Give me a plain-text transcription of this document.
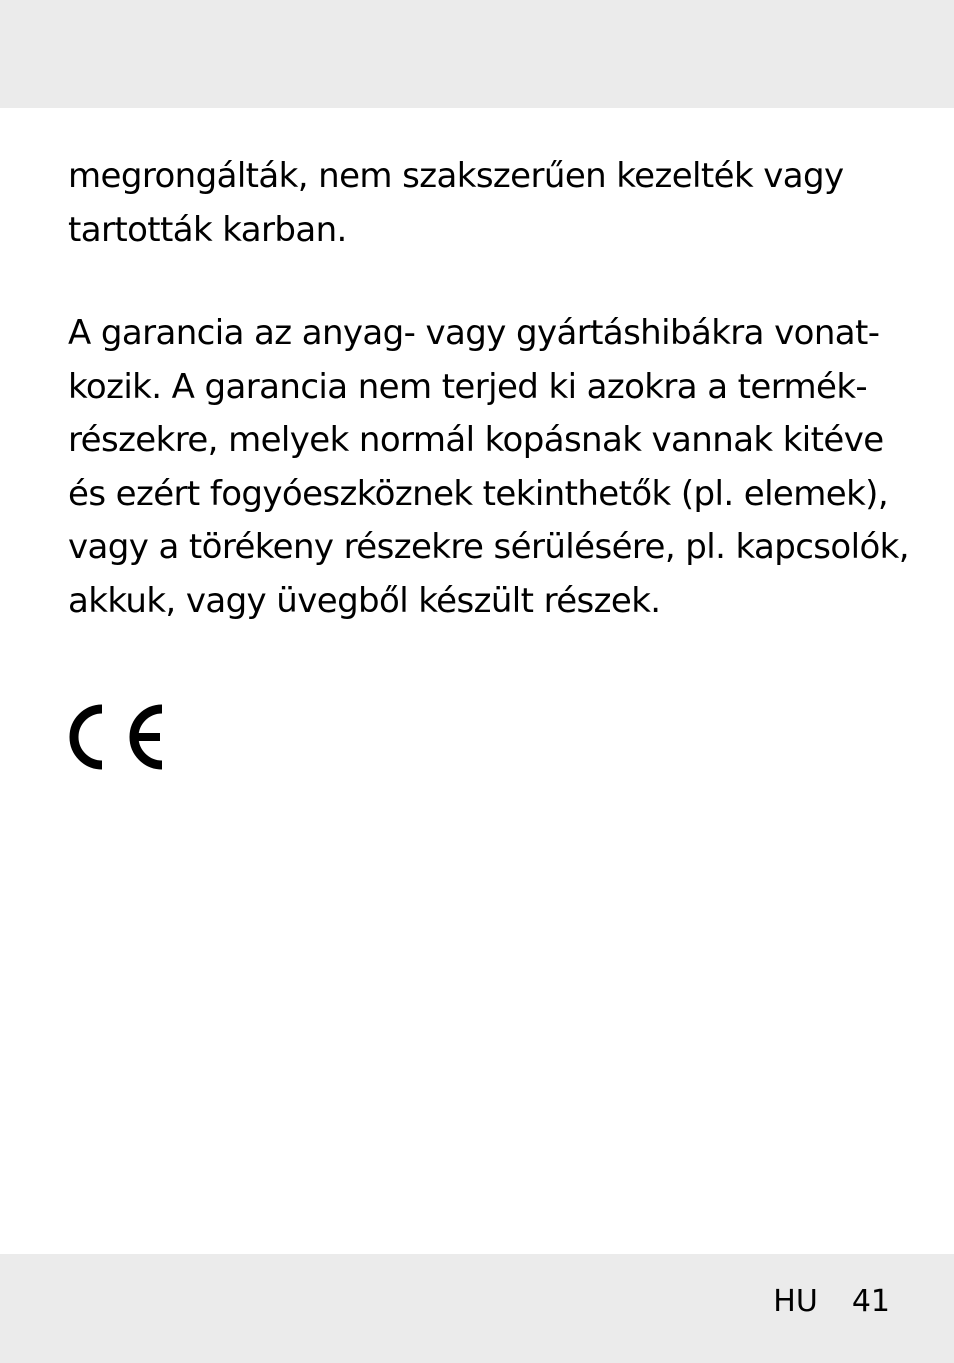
megrongálták, nem szakszerűen kezelték vagy
tartották karban.

A garancia az anyag- vagy gyártáshibákra vonat-
kozik. A garancia nem terjed ki azokra a termék-
részekre, melyek normál kopásnak vannak kitéve
és ezért fogyóeszköznek tekinthetők (pl. elemek),
vagy a törékeny részekre sérülésére, pl. kapcsolók,
akkuk, vagy üvegből készült részek.

HU 41
